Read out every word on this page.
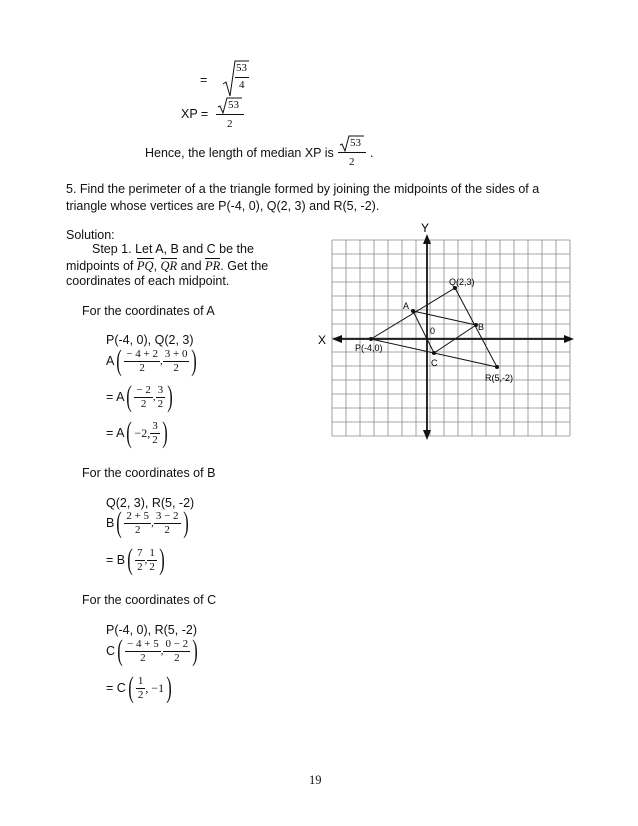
=
53
4
XP =
53
2
Hence, the length of median XP is
53
2
.
5. Find the perimeter of a the triangle formed by joining the midpoints of the sides of a
triangle whose vertices are P(-4, 0), Q(2, 3) and R(5, -2).
Solution:
Step 1. Let A, B and C be the
midpoints of PQ, QR and PR. Get the
coordinates of each midpoint.
For the coordinates of A
P(-4, 0), Q(2, 3)
A ( $\frac{- 4 + 2}{2}$ , $\frac{3 + 0}{2}$ )
= A ( $\frac{- 2}{2}$ , $\frac{3}{2}$ )
= A ( −2, $\frac{3}{2}$ )
For the coordinates of B
Q(2, 3), R(5, -2)
B ( $\frac{2 + 5}{2}$ , $\frac{3 - 2}{2}$ )
= B ( $\frac{7}{2}$ , $\frac{1}{2}$ )
For the coordinates of C
P(-4, 0), R(5, -2)
C ( $\frac{- 4 + 5}{2}$ , $\frac{0 - 2}{2}$ )
= C ( $\frac{1}{2}$ , −1 )
X
Y
0
P(-4,0)
Q(2,3)
R(5,-2)
A
B
C
19
